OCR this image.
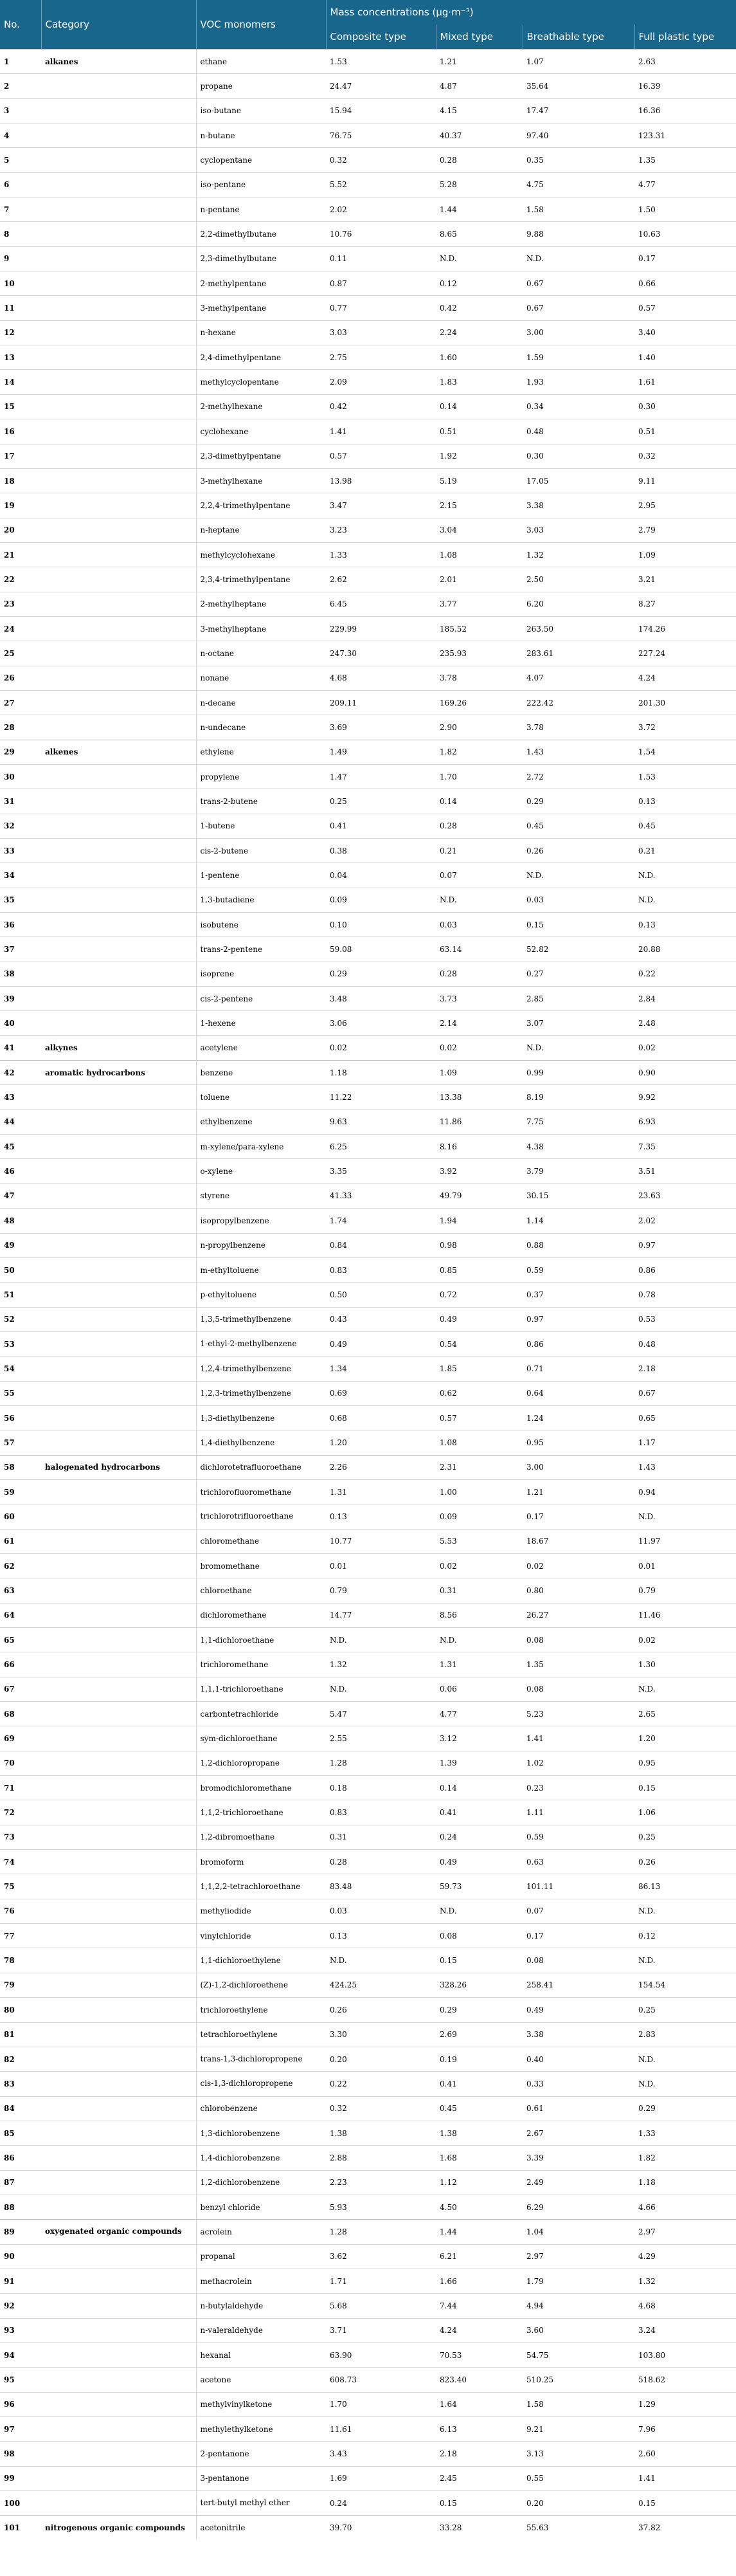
No.	Category	VOC monomers	Mass concentrations (μg·m⁻³)			
			Composite type	Mixed type	Breathable type	Full plastic type
1	alkanes	ethane	1.53	1.21	1.07	2.63
2		propane	24.47	4.87	35.64	16.39
3		iso-butane	15.94	4.15	17.47	16.36
4		n-butane	76.75	40.37	97.40	123.31
5		cyclopentane	0.32	0.28	0.35	1.35
6		iso-pentane	5.52	5.28	4.75	4.77
7		n-pentane	2.02	1.44	1.58	1.50
8		2,2-dimethylbutane	10.76	8.65	9.88	10.63
9		2,3-dimethylbutane	0.11	N.D.	N.D.	0.17
10		2-methylpentane	0.87	0.12	0.67	0.66
11		3-methylpentane	0.77	0.42	0.67	0.57
12		n-hexane	3.03	2.24	3.00	3.40
13		2,4-dimethylpentane	2.75	1.60	1.59	1.40
14		methylcyclopentane	2.09	1.83	1.93	1.61
15		2-methylhexane	0.42	0.14	0.34	0.30
16		cyclohexane	1.41	0.51	0.48	0.51
17		2,3-dimethylpentane	0.57	1.92	0.30	0.32
18		3-methylhexane	13.98	5.19	17.05	9.11
19		2,2,4-trimethylpentane	3.47	2.15	3.38	2.95
20		n-heptane	3.23	3.04	3.03	2.79
21		methylcyclohexane	1.33	1.08	1.32	1.09
22		2,3,4-trimethylpentane	2.62	2.01	2.50	3.21
23		2-methylheptane	6.45	3.77	6.20	8.27
24		3-methylheptane	229.99	185.52	263.50	174.26
25		n-octane	247.30	235.93	283.61	227.24
26		nonane	4.68	3.78	4.07	4.24
27		n-decane	209.11	169.26	222.42	201.30
28		n-undecane	3.69	2.90	3.78	3.72
29	alkenes	ethylene	1.49	1.82	1.43	1.54
30		propylene	1.47	1.70	2.72	1.53
31		trans-2-butene	0.25	0.14	0.29	0.13
32		1-butene	0.41	0.28	0.45	0.45
33		cis-2-butene	0.38	0.21	0.26	0.21
34		1-pentene	0.04	0.07	N.D.	N.D.
35		1,3-butadiene	0.09	N.D.	0.03	N.D.
36		isobutene	0.10	0.03	0.15	0.13
37		trans-2-pentene	59.08	63.14	52.82	20.88
38		isoprene	0.29	0.28	0.27	0.22
39		cis-2-pentene	3.48	3.73	2.85	2.84
40		1-hexene	3.06	2.14	3.07	2.48
41	alkynes	acetylene	0.02	0.02	N.D.	0.02
42	aromatic hydrocarbons	benzene	1.18	1.09	0.99	0.90
43		toluene	11.22	13.38	8.19	9.92
44		ethylbenzene	9.63	11.86	7.75	6.93
45		m-xylene/para-xylene	6.25	8.16	4.38	7.35
46		o-xylene	3.35	3.92	3.79	3.51
47		styrene	41.33	49.79	30.15	23.63
48		isopropylbenzene	1.74	1.94	1.14	2.02
49		n-propylbenzene	0.84	0.98	0.88	0.97
50		m-ethyltoluene	0.83	0.85	0.59	0.86
51		p-ethyltoluene	0.50	0.72	0.37	0.78
52		1,3,5-trimethylbenzene	0.43	0.49	0.97	0.53
53		1-ethyl-2-methylbenzene	0.49	0.54	0.86	0.48
54		1,2,4-trimethylbenzene	1.34	1.85	0.71	2.18
55		1,2,3-trimethylbenzene	0.69	0.62	0.64	0.67
56		1,3-diethylbenzene	0.68	0.57	1.24	0.65
57		1,4-diethylbenzene	1.20	1.08	0.95	1.17
58	halogenated hydrocarbons	dichlorotetrafluoroethane	2.26	2.31	3.00	1.43
59		trichlorofluoromethane	1.31	1.00	1.21	0.94
60		trichlorotrifluoroethane	0.13	0.09	0.17	N.D.
61		chloromethane	10.77	5.53	18.67	11.97
62		bromomethane	0.01	0.02	0.02	0.01
63		chloroethane	0.79	0.31	0.80	0.79
64		dichloromethane	14.77	8.56	26.27	11.46
65		1,1-dichloroethane	N.D.	N.D.	0.08	0.02
66		trichloromethane	1.32	1.31	1.35	1.30
67		1,1,1-trichloroethane	N.D.	0.06	0.08	N.D.
68		carbontetrachloride	5.47	4.77	5.23	2.65
69		sym-dichloroethane	2.55	3.12	1.41	1.20
70		1,2-dichloropropane	1.28	1.39	1.02	0.95
71		bromodichloromethane	0.18	0.14	0.23	0.15
72		1,1,2-trichloroethane	0.83	0.41	1.11	1.06
73		1,2-dibromoethane	0.31	0.24	0.59	0.25
74		bromoform	0.28	0.49	0.63	0.26
75		1,1,2,2-tetrachloroethane	83.48	59.73	101.11	86.13
76		methyliodide	0.03	N.D.	0.07	N.D.
77		vinylchloride	0.13	0.08	0.17	0.12
78		1,1-dichloroethylene	N.D.	0.15	0.08	N.D.
79		(Z)-1,2-dichloroethene	424.25	328.26	258.41	154.54
80		trichloroethylene	0.26	0.29	0.49	0.25
81		tetrachloroethylene	3.30	2.69	3.38	2.83
82		trans-1,3-dichloropropene	0.20	0.19	0.40	N.D.
83		cis-1,3-dichloropropene	0.22	0.41	0.33	N.D.
84		chlorobenzene	0.32	0.45	0.61	0.29
85		1,3-dichlorobenzene	1.38	1.38	2.67	1.33
86		1,4-dichlorobenzene	2.88	1.68	3.39	1.82
87		1,2-dichlorobenzene	2.23	1.12	2.49	1.18
88		benzyl chloride	5.93	4.50	6.29	4.66
89	oxygenated organic compounds	acrolein	1.28	1.44	1.04	2.97
90		propanal	3.62	6.21	2.97	4.29
91		methacrolein	1.71	1.66	1.79	1.32
92		n-butylaldehyde	5.68	7.44	4.94	4.68
93		n-valeraldehyde	3.71	4.24	3.60	3.24
94		hexanal	63.90	70.53	54.75	103.80
95		acetone	608.73	823.40	510.25	518.62
96		methylvinylketone	1.70	1.64	1.58	1.29
97		methylethylketone	11.61	6.13	9.21	7.96
98		2-pentanone	3.43	2.18	3.13	2.60
99		3-pentanone	1.69	2.45	0.55	1.41
100		tert-butyl methyl ether	0.24	0.15	0.20	0.15
101	nitrogenous organic compounds	acetonitrile	39.70	33.28	55.63	37.82
